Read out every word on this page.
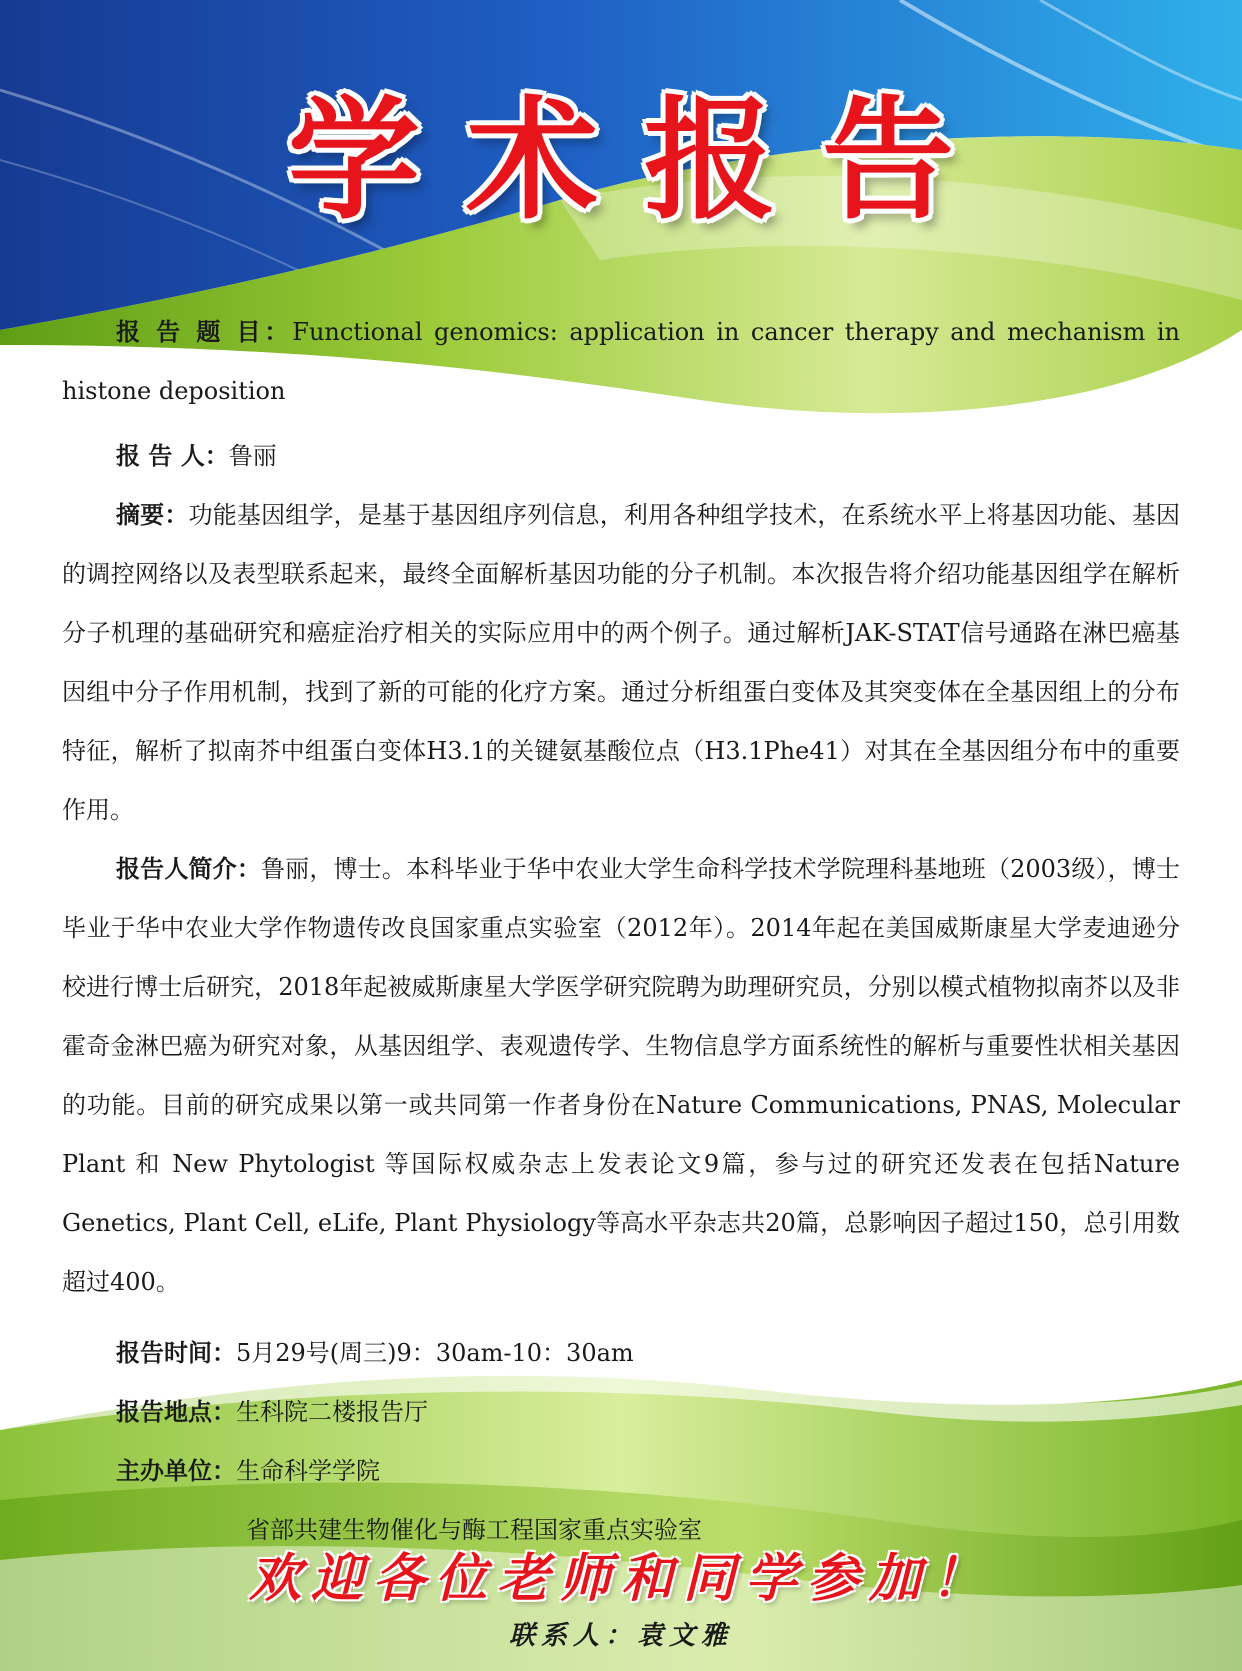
学术报告

报 告 题 目：Functional genomics: application in cancer therapy and mechanism in histone deposition

报 告 人：鲁丽

摘要：功能基因组学，是基于基因组序列信息，利用各种组学技术，在系统水平上将基因功能、基因的调控网络以及表型联系起来，最终全面解析基因功能的分子机制。本次报告将介绍功能基因组学在解析分子机理的基础研究和癌症治疗相关的实际应用中的两个例子。通过解析JAK-STAT信号通路在淋巴癌基因组中分子作用机制，找到了新的可能的化疗方案。通过分析组蛋白变体及其突变体在全基因组上的分布特征，解析了拟南芥中组蛋白变体H3.1的关键氨基酸位点（H3.1Phe41）对其在全基因组分布中的重要作用。

报告人简介：鲁丽，博士。本科毕业于华中农业大学生命科学技术学院理科基地班（2003级），博士毕业于华中农业大学作物遗传改良国家重点实验室（2012年）。2014年起在美国威斯康星大学麦迪逊分校进行博士后研究，2018年起被威斯康星大学医学研究院聘为助理研究员，分别以模式植物拟南芥以及非霍奇金淋巴癌为研究对象，从基因组学、表观遗传学、生物信息学方面系统性的解析与重要性状相关基因的功能。目前的研究成果以第一或共同第一作者身份在Nature Communications, PNAS, Molecular Plant 和 New Phytologist 等国际权威杂志上发表论文9篇，参与过的研究还发表在包括Nature Genetics, Plant Cell, eLife, Plant Physiology等高水平杂志共20篇，总影响因子超过150，总引用数超过400。

报告时间：5月29号(周三)9：30am-10：30am

报告地点：生科院二楼报告厅

主办单位：生命科学学院

省部共建生物催化与酶工程国家重点实验室

欢迎各位老师和同学参加！
联系人：袁文雅
